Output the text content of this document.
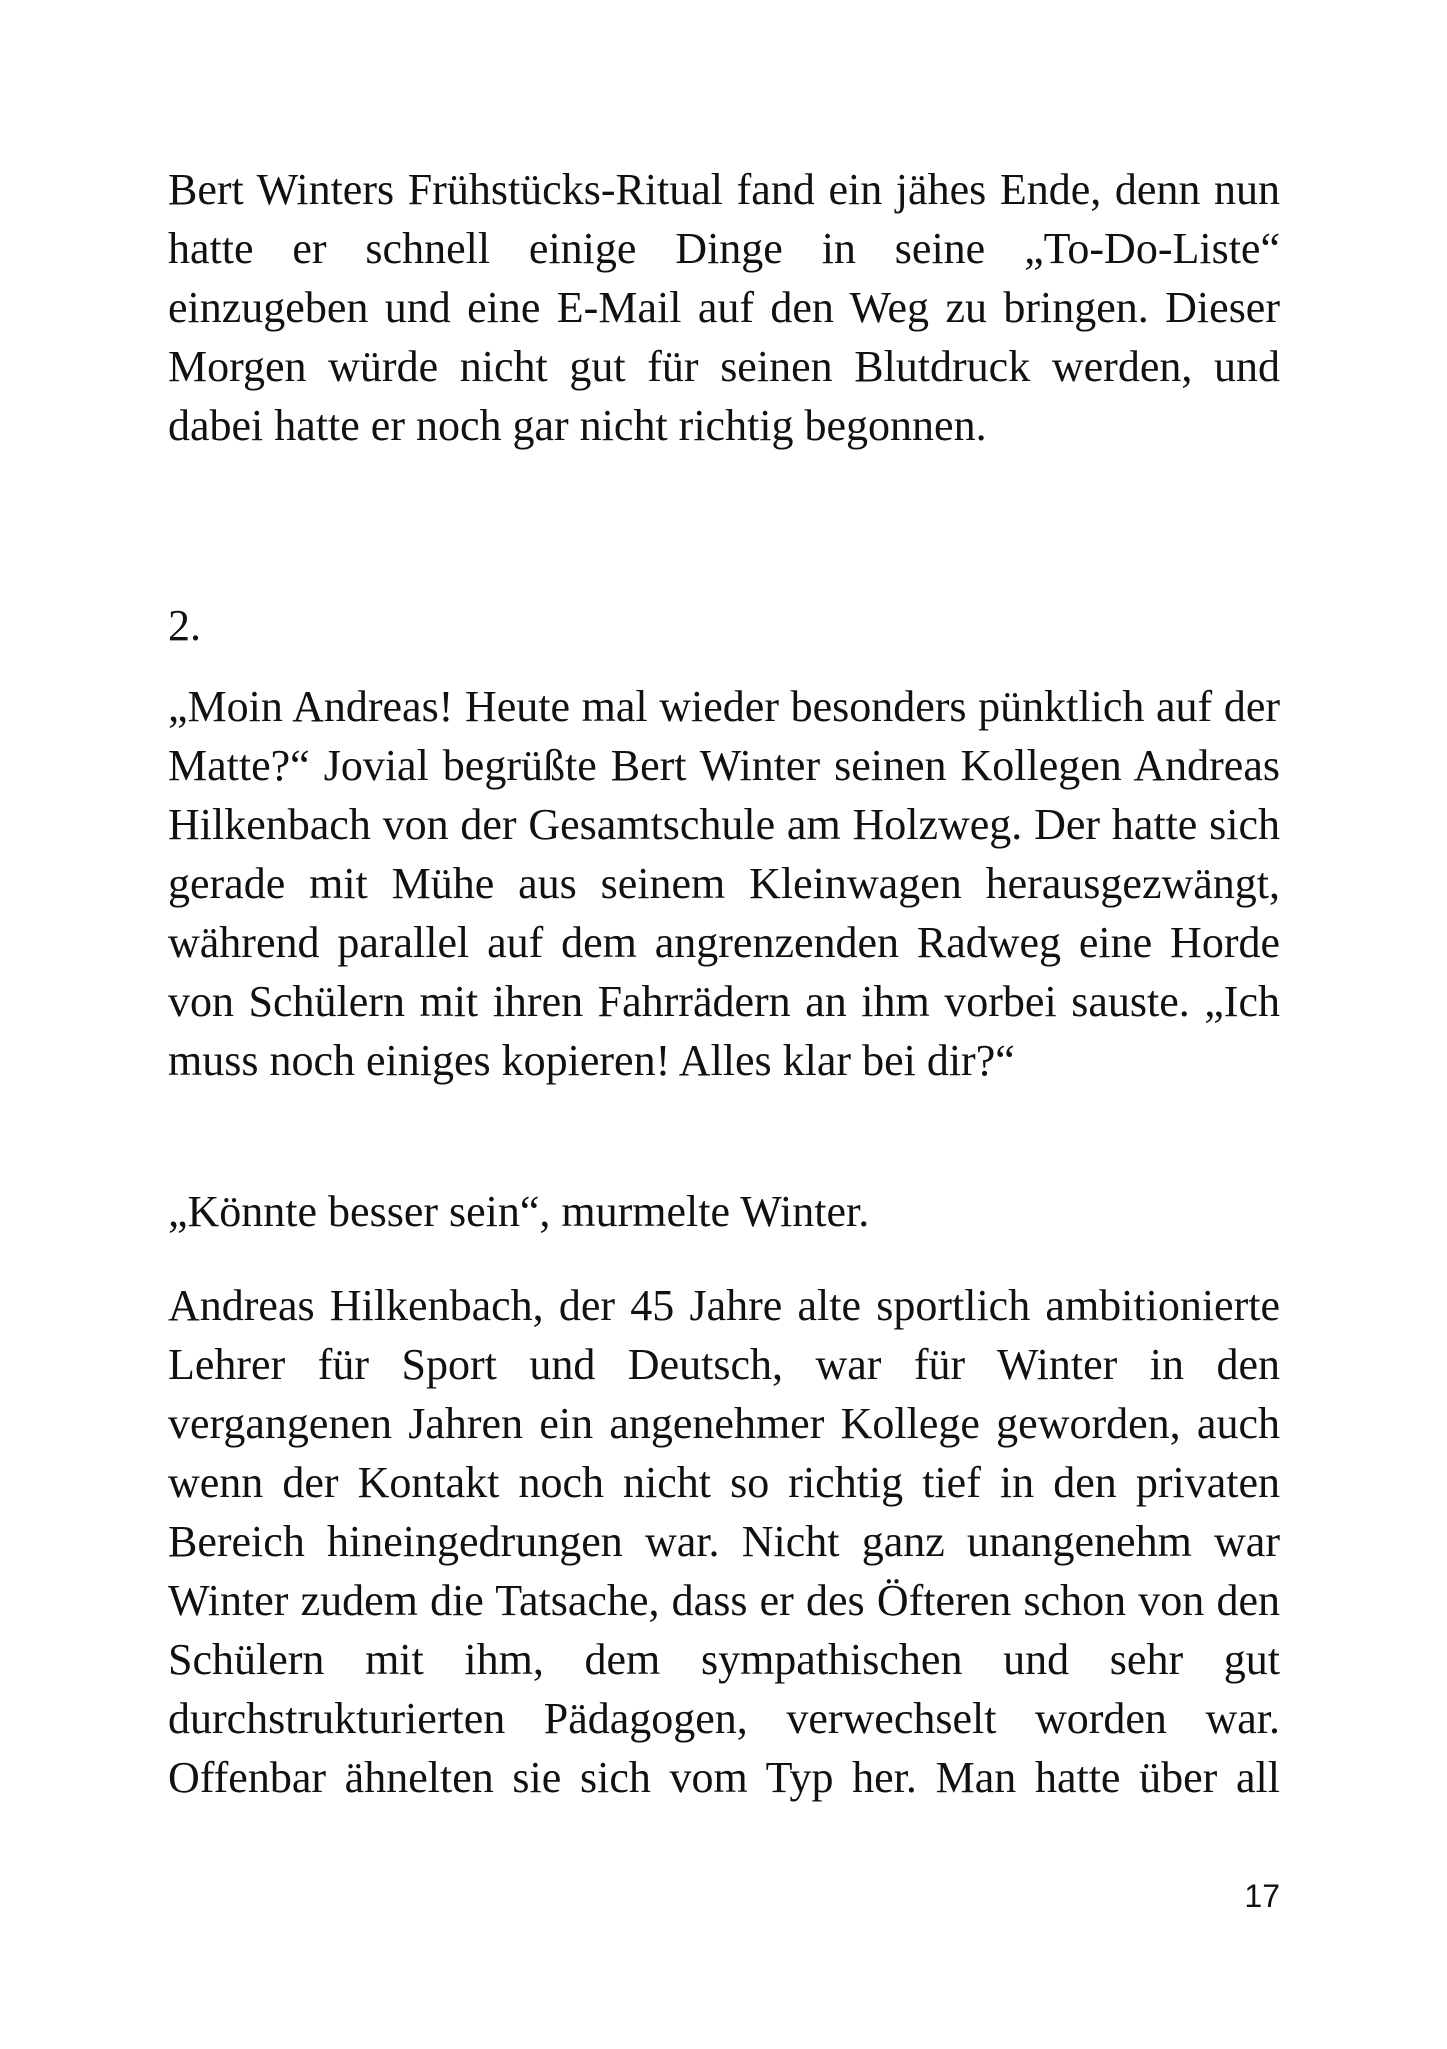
Bert Winters Frühstücks-Ritual fand ein jähes Ende, denn nun hatte er schnell einige Dinge in seine „To-Do-Liste“ einzugeben und eine E-Mail auf den Weg zu bringen. Dieser Morgen würde nicht gut für seinen Blutdruck werden, und dabei hatte er noch gar nicht richtig begonnen.

2.

„Moin Andreas! Heute mal wieder besonders pünktlich auf der Matte?“ Jovial begrüßte Bert Winter seinen Kollegen Andreas Hilkenbach von der Gesamtschule am Holzweg. Der hatte sich gerade mit Mühe aus seinem Kleinwagen herausgezwängt, während parallel auf dem angrenzenden Radweg eine Horde von Schülern mit ihren Fahrrädern an ihm vorbei sauste. „Ich muss noch einiges kopieren! Alles klar bei dir?“

„Könnte besser sein“, murmelte Winter.

Andreas Hilkenbach, der 45 Jahre alte sportlich ambitionierte Lehrer für Sport und Deutsch, war für Winter in den vergangenen Jahren ein angenehmer Kollege geworden, auch wenn der Kontakt noch nicht so richtig tief in den privaten Bereich hineingedrungen war. Nicht ganz unangenehm war Winter zudem die Tatsache, dass er des Öfteren schon von den Schülern mit ihm, dem sympathischen und sehr gut durchstrukturierten Pädagogen, verwechselt worden war. Offenbar ähnelten sie sich vom Typ her. Man hatte über all

17
